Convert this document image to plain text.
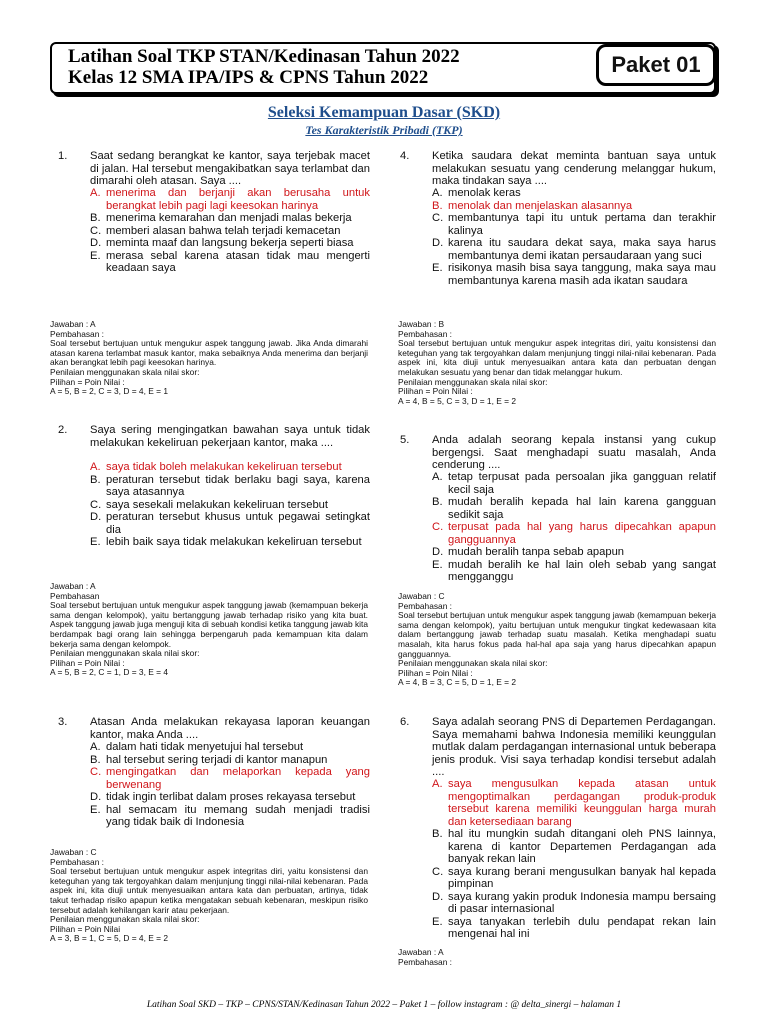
Latihan Soal TKP STAN/Kedinasan Tahun 2022
Kelas 12 SMA IPA/IPS & CPNS Tahun 2022
Paket 01
Seleksi Kemampuan Dasar (SKD)
Tes Karakteristik Pribadi (TKP)
1. Saat sedang berangkat ke kantor, saya terjebak macet di jalan. Hal tersebut mengakibatkan saya terlambat dan dimarahi oleh atasan. Saya ....
A. menerima dan berjanji akan berusaha untuk berangkat lebih pagi lagi keesokan harinya
B. menerima kemarahan dan menjadi malas bekerja
C. memberi alasan bahwa telah terjadi kemacetan
D. meminta maaf dan langsung bekerja seperti biasa
E. merasa sebal karena atasan tidak mau mengerti keadaan saya
Jawaban : A
Pembahasan :
Soal tersebut bertujuan untuk mengukur aspek tanggung jawab. Jika Anda dimarahi atasan karena terlambat masuk kantor, maka sebaiknya Anda menerima dan berjanji akan berangkat lebih pagi keesokan harinya.
Penilaian menggunakan skala nilai skor:
Pilihan = Poin Nilai :
A = 5, B = 2, C = 3, D = 4, E = 1
2. Saya sering mengingatkan bawahan saya untuk tidak melakukan kekeliruan pekerjaan kantor, maka ....
A. saya tidak boleh melakukan kekeliruan tersebut
B. peraturan tersebut tidak berlaku bagi saya, karena saya atasannya
C. saya sesekali melakukan kekeliruan tersebut
D. peraturan tersebut khusus untuk pegawai setingkat dia
E. lebih baik saya tidak melakukan kekeliruan tersebut
Jawaban : A
Pembahasan
Soal tersebut bertujuan untuk mengukur aspek tanggung jawab (kemampuan bekerja sama dengan kelompok), yaitu bertanggung jawab terhadap risiko yang kita buat. Aspek tanggung jawab juga menguji kita di sebuah kondisi ketika tanggung jawab kita berdampak bagi orang lain sehingga berpengaruh pada kemampuan kita dalam bekerja sama dengan kelompok.
Penilaian menggunakan skala nilai skor:
Pilihan = Poin Nilai :
A = 5, B = 2, C = 1, D = 3, E = 4
3. Atasan Anda melakukan rekayasa laporan keuangan kantor, maka Anda ....
A. dalam hati tidak menyetujui hal tersebut
B. hal tersebut sering terjadi di kantor manapun
C. mengingatkan dan melaporkan kepada yang berwenang
D. tidak ingin terlibat dalam proses rekayasa tersebut
E. hal semacam itu memang sudah menjadi tradisi yang tidak baik di Indonesia
Jawaban : C
Pembahasan :
Soal tersebut bertujuan untuk mengukur aspek integritas diri, yaitu konsistensi dan keteguhan yang tak tergoyahkan dalam menjunjung tinggi nilai-nilai kebenaran. Pada aspek ini, kita diuji untuk menyesuaikan antara kata dan perbuatan, artinya, tidak takut terhadap risiko apapun ketika mengatakan sebuah kebenaran, meskipun risiko tersebut adalah kehilangan karir atau pekerjaan.
Penilaian menggunakan skala nilai skor:
Pilihan = Poin Nilai
A = 3, B = 1, C = 5, D = 4, E = 2
4. Ketika saudara dekat meminta bantuan saya untuk melakukan sesuatu yang cenderung melanggar hukum, maka tindakan saya ....
A. menolak keras
B. menolak dan menjelaskan alasannya
C. membantunya tapi itu untuk pertama dan terakhir kalinya
D. karena itu saudara dekat saya, maka saya harus membantunya demi ikatan persaudaraan yang suci
E. risikonya masih bisa saya tanggung, maka saya mau membantunya karena masih ada ikatan saudara
Jawaban : B
Pembahasan :
Soal tersebut bertujuan untuk mengukur aspek integritas diri, yaitu konsistensi dan keteguhan yang tak tergoyahkan dalam menjunjung tinggi nilai-nilai kebenaran. Pada aspek ini, kita diuji untuk menyesuaikan antara kata dan perbuatan dengan melakukan sesuatu yang benar dan tidak melanggar hukum.
Penilaian menggunakan skala nilai skor:
Pilihan = Poin Nilai :
A = 4, B = 5, C = 3, D = 1, E = 2
5. Anda adalah seorang kepala instansi yang cukup bergengsi. Saat menghadapi suatu masalah, Anda cenderung ....
A. tetap terpusat pada persoalan jika gangguan relatif kecil saja
B. mudah beralih kepada hal lain karena gangguan sedikit saja
C. terpusat pada hal yang harus dipecahkan apapun gangguannya
D. mudah beralih tanpa sebab apapun
E. mudah beralih ke hal lain oleh sebab yang sangat mengganggu
Jawaban : C
Pembahasan :
Soal tersebut bertujuan untuk mengukur aspek tanggung jawab (kemampuan bekerja sama dengan kelompok), yaitu bertujuan untuk mengukur tingkat kedewasaan kita dalam bertanggung jawab terhadap suatu masalah. Ketika menghadapi suatu masalah, kita harus fokus pada hal-hal apa saja yang harus dipecahkan apapun gangguannya.
Penilaian menggunakan skala nilai skor:
Pilihan = Poin Nilai :
A = 4, B = 3, C = 5, D = 1, E = 2
6. Saya adalah seorang PNS di Departemen Perdagangan. Saya memahami bahwa Indonesia memiliki keunggulan mutlak dalam perdagangan internasional untuk beberapa jenis produk. Visi saya terhadap kondisi tersebut adalah ....
A. saya mengusulkan kepada atasan untuk mengoptimalkan perdagangan produk-produk tersebut karena memiliki keunggulan harga murah dan ketersediaan barang
B. hal itu mungkin sudah ditangani oleh PNS lainnya, karena di kantor Departemen Perdagangan ada banyak rekan lain
C. saya kurang berani mengusulkan banyak hal kepada pimpinan
D. saya kurang yakin produk Indonesia mampu bersaing di pasar internasional
E. saya tanyakan terlebih dulu pendapat rekan lain mengenai hal ini
Jawaban : A
Pembahasan :
Latihan Soal SKD – TKP – CPNS/STAN/Kedinasan Tahun 2022 – Paket 1 – follow instagram : @ delta_sinergi – halaman 1
